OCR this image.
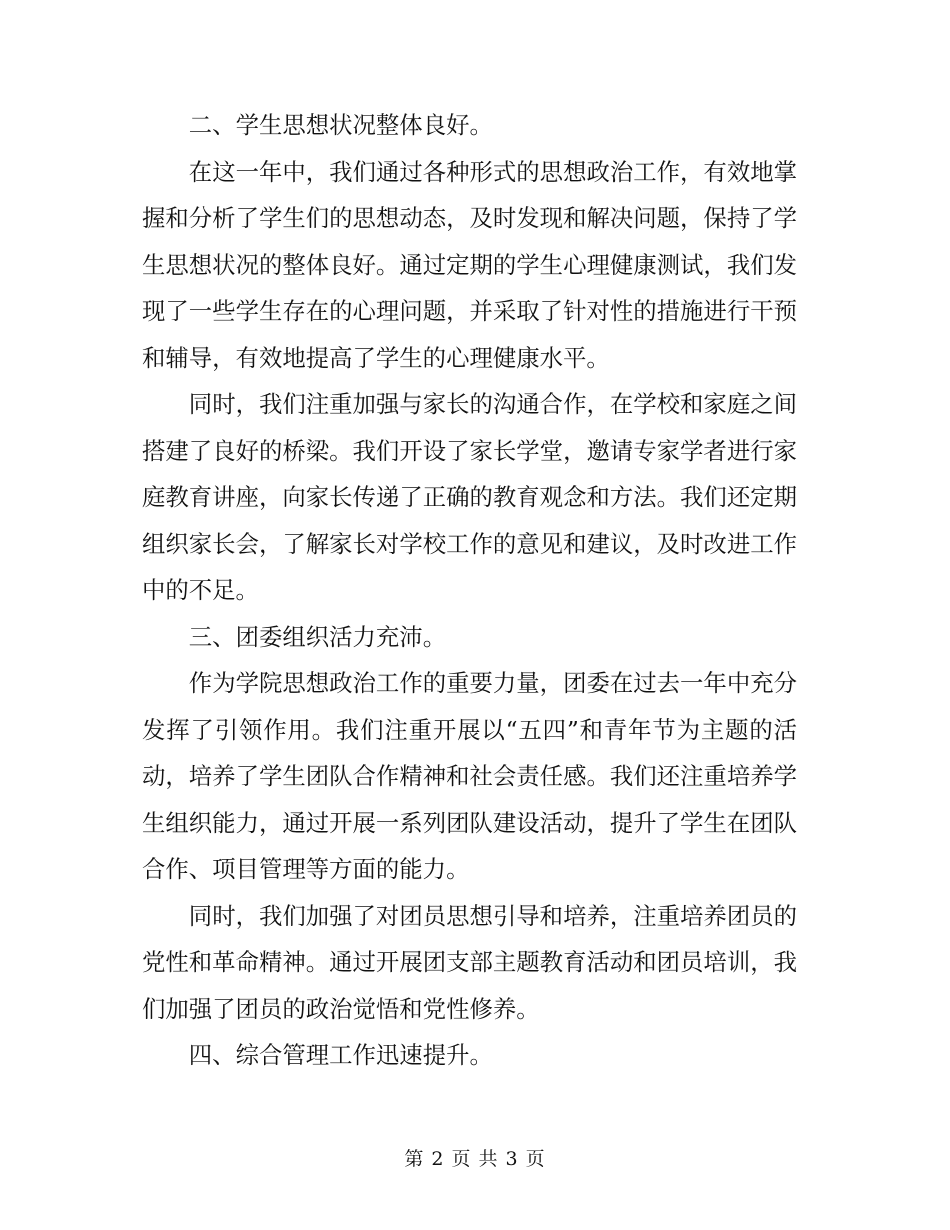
二、学生思想状况整体良好。

在这一年中，我们通过各种形式的思想政治工作，有效地掌握和分析了学生们的思想动态，及时发现和解决问题，保持了学生思想状况的整体良好。通过定期的学生心理健康测试，我们发现了一些学生存在的心理问题，并采取了针对性的措施进行干预和辅导，有效地提高了学生的心理健康水平。

同时，我们注重加强与家长的沟通合作，在学校和家庭之间搭建了良好的桥梁。我们开设了家长学堂，邀请专家学者进行家庭教育讲座，向家长传递了正确的教育观念和方法。我们还定期组织家长会，了解家长对学校工作的意见和建议，及时改进工作中的不足。

三、团委组织活力充沛。

作为学院思想政治工作的重要力量，团委在过去一年中充分发挥了引领作用。我们注重开展以“五四”和青年节为主题的活动，培养了学生团队合作精神和社会责任感。我们还注重培养学生组织能力，通过开展一系列团队建设活动，提升了学生在团队合作、项目管理等方面的能力。

同时，我们加强了对团员思想引导和培养，注重培养团员的党性和革命精神。通过开展团支部主题教育活动和团员培训，我们加强了团员的政治觉悟和党性修养。

四、综合管理工作迅速提升。

第 2 页 共 3 页
